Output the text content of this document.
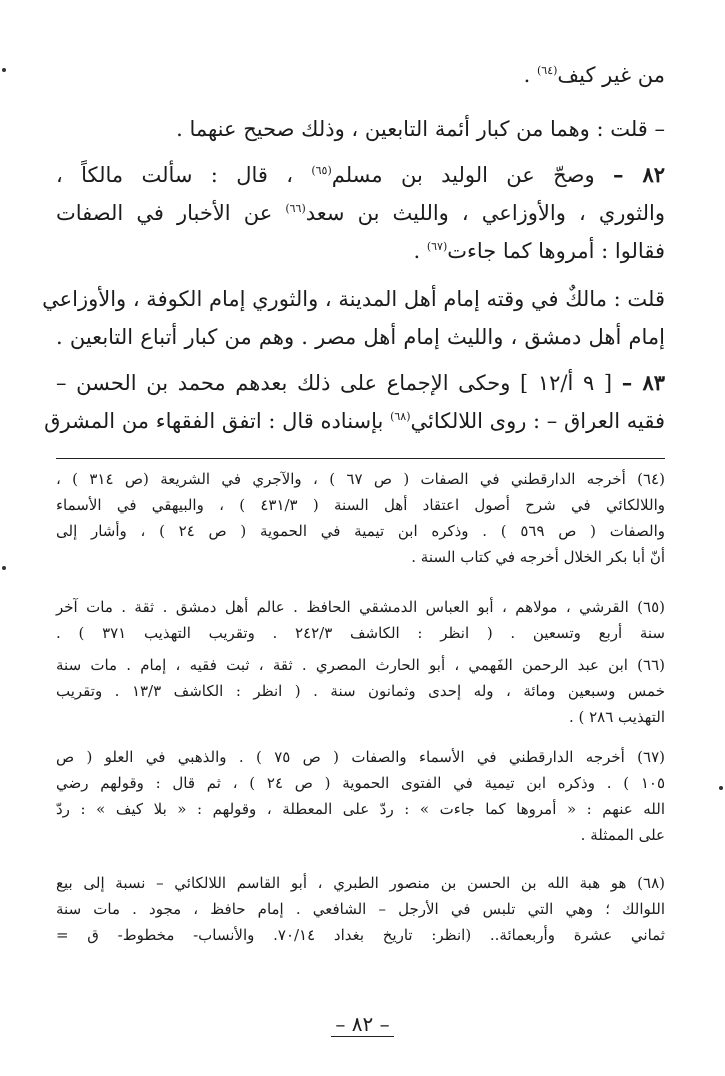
من غير كيف$^{(٦٤)}$ .
– قلت : وهما من كبار أئمة التابعين ، وذلك صحيح عنهما .
٨٢ – وصحّ عن الوليد بن مسلم$^{(٦٥)}$ ، قال : سألت مالكاً ،
والثوري ، والأوزاعي ، والليث بن سعد$^{(٦٦)}$ عن الأخبار في الصفات
فقالوا : أمروها كما جاءت$^{(٦٧)}$ .
قلت : مالكٌ في وقته إمام أهل المدينة ، والثوري إمام الكوفة ، والأوزاعي
إمام أهل دمشق ، والليث إمام أهل مصر . وهم من كبار أتباع التابعين .
٨٣ – [ ٩ أ/١٢ ] وحكى الإجماع على ذلك بعدهم محمد بن الحسن –
فقيه العراق – : روى اللالكائي$^{(٦٨)}$ بإسناده قال : اتفق الفقهاء من المشرق
(٦٤) أخرجه الدارقطني في الصفات ( ص ٦٧ ) ، والآجري في الشريعة (ص ٣١٤ ) ،
واللالكائي في شرح أصول اعتقاد أهل السنة ( ٤٣١/٣ ) ، والبيهقي في الأسماء
والصفات ( ص ٥٦٩ ) . وذكره ابن تيمية في الحموية ( ص ٢٤ ) ، وأشار إلى
أنّ أبا بكر الخلال أخرجه في كتاب السنة .
(٦٥) القرشي ، مولاهم ، أبو العباس الدمشقي الحافظ . عالم أهل دمشق . ثقة . مات آخر
سنة أربع وتسعين . ( انظر : الكاشف ٢٤٢/٣ . وتقريب التهذيب ٣٧١ ) .
(٦٦) ابن عبد الرحمن الفَهمي ، أبو الحارث المصري . ثقة ، ثبت فقيه ، إمام . مات سنة
خمس وسبعين ومائة ، وله إحدى وثمانون سنة . ( انظر : الكاشف ١٣/٣ . وتقريب
التهذيب ٢٨٦ ) .
(٦٧) أخرجه الدارقطني في الأسماء والصفات ( ص ٧٥ ) . والذهبي في العلو ( ص
١٠٥ ) . وذكره ابن تيمية في الفتوى الحموية ( ص ٢٤ ) ، ثم قال : وقولهم رضي
الله عنهم : « أمروها كما جاءت » : ردّ على المعطلة ، وقولهم : « بلا كيف » : ردّ
على الممثلة .
(٦٨) هو هبة الله بن الحسن بن منصور الطبري ، أبو القاسم اللالكائي – نسبة إلى بيع
اللوالك ؛ وهي التي تلبس في الأرجل – الشافعي . إمام حافظ ، مجود . مات سنة
ثماني عشرة وأربعمائة.. (انظر: تاريخ بغداد ٧٠/١٤. والأنساب- مخطوط- ق =
– ٨٢ –
